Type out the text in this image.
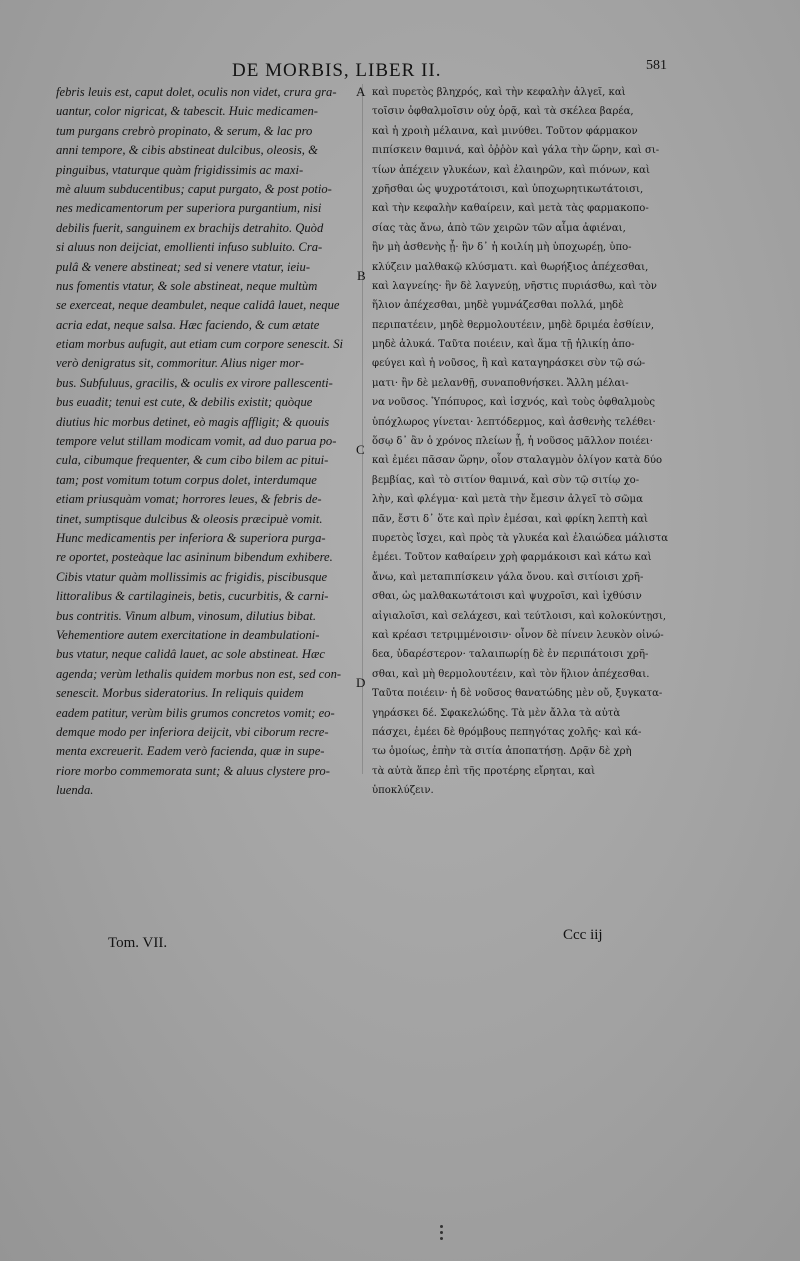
DE MORBIS, LIBER II.	581
febris leuis est, caput dolet, oculis non videt, crura gra-
uantur, color nigricat, & tabescit. Huic medicamen-
tum purgans crebrò propinato, & serum, & lac pro
anni tempore, & cibis abstineat dulcibus, oleosis, &
pinguibus, vtaturque quàm frigidissimis ac maxi-
mè aluum subducentibus; caput purgato, & post potio-
nes medicamentorum per superiora purgantium, nisi
debilis fuerit, sanguinem ex brachijs detrahito. Quòd
si aluus non deijciat, emollienti infuso subluito. Cra-
pulâ & venere abstineat; sed si venere vtatur, ieiu-
nus fomentis vtatur, & sole abstineat, neque multùm
se exerceat, neque deambulet, neque calidâ lauet, neque
acria edat, neque salsa. Hæc faciendo, & cum ætate
etiam morbus aufugit, aut etiam cum corpore senescit. Si
verò denigratus sit, commoritur. Alius niger mor-
bus. Subfuluus, gracilis, & oculis ex virore pallescenti-
bus euadit; tenui est cute, & debilis existit; quòque
diutius hic morbus detinet, eò magis affligit; & quouis
tempore velut stillam modicam vomit, ad duo parua po-
cula, cibumque frequenter, & cum cibo bilem ac pitui-
tam; post vomitum totum corpus dolet, interdumque
etiam priusquàm vomat; horrores leues, & febris de-
tinet, sumptisque dulcibus & oleosis præcipuè vomit.
Hunc medicamentis per inferiora & superiora purga-
re oportet, posteàque lac asininum bibendum exhibere.
Cibis vtatur quàm mollissimis ac frigidis, piscibusque
littoralibus & cartilagineis, betis, cucurbitis, & carni-
bus contritis. Vinum album, vinosum, dilutius bibat.
Vehementiore autem exercitatione in deambulationi-
bus vtatur, neque calidâ lauet, ac sole abstineat. Hæc
agenda; verùm lethalis quidem morbus non est, sed con-
senescit. Morbus sideratorius. In reliquis quidem
eadem patitur, verùm bilis grumos concretos vomit; eo-
demque modo per inferiora deijcit, vbi ciborum recre-
menta excreuerit. Eadem verò facienda, quæ in supe-
riore morbo commemorata sunt; & aluus clystere pro-
luenda.
καὶ πυρετὸς βληχρός, καὶ τὴν κεφαλὴν ἀλγεῖ, καὶ
τοῖσιν ὀφθαλμοῖσιν οὐχ ὁρᾷ, καὶ τὰ σκέλεα βαρέα,
καὶ ἡ χροιὴ μέλαινα, καὶ μινύθει. Τοῦτον φάρμακον
πιπίσκειν θαμινά, καὶ ὀῤῥὸν καὶ γάλα τὴν ὥρην, καὶ σι-
τίων ἀπέχειν γλυκέων, καὶ ἐλαιηρῶν, καὶ πιόνων, καὶ
χρῆσθαι ὡς ψυχροτάτοισι, καὶ ὑποχωρητικωτάτοισι,
καὶ τὴν κεφαλὴν καθαίρειν, καὶ μετὰ τὰς φαρμακοπο-
σίας τὰς ἄνω, ἀπὸ τῶν χειρῶν τῶν αἷμα ἀφιέναι,
ἢν μὴ ἀσθενὴς ᾖ· ἢν δ᾽ ἡ κοιλίη μὴ ὑποχωρέῃ, ὑπο-
κλύζειν μαλθακῷ κλύσματι. καὶ θωρήξιος ἀπέχεσθαι,
καὶ λαγνείης· ἢν δὲ λαγνεύῃ, νῆστις πυριάσθω, καὶ τὸν
ἥλιον ἀπέχεσθαι, μηδὲ γυμνάζεσθαι πολλά, μηδὲ
περιπατέειν, μηδὲ θερμολουτέειν, μηδὲ δριμέα ἐσθίειν,
μηδὲ ἁλυκά. Ταῦτα ποιέειν, καὶ ἅμα τῇ ἡλικίῃ ἀπο-
φεύγει καὶ ἡ νοῦσος, ἢ καὶ καταγηράσκει σὺν τῷ σώ-
ματι· ἢν δὲ μελανθῇ, συναποθνήσκει. Ἄλλη μέλαι-
να νοῦσος. Ὑπόπυρος, καὶ ἰσχνός, καὶ τοὺς ὀφθαλμοὺς
ὑπόχλωρος γίνεται· λεπτόδερμος, καὶ ἀσθενὴς τελέθει·
ὅσῳ δ᾽ ἂν ὁ χρόνος πλείων ᾖ, ἡ νοῦσος μᾶλλον ποιέει·
καὶ ἐμέει πᾶσαν ὥρην, οἷον σταλαγμὸν ὀλίγον κατὰ δύο
βεμβίας, καὶ τὸ σιτίον θαμινά, καὶ σὺν τῷ σιτίῳ χο-
λὴν, καὶ φλέγμα· καὶ μετὰ τὴν ἔμεσιν ἀλγεῖ τὸ σῶμα
πᾶν, ἔστι δ᾽ ὅτε καὶ πρὶν ἐμέσαι, καὶ φρίκη λεπτὴ καὶ
πυρετὸς ἴσχει, καὶ πρὸς τὰ γλυκέα καὶ ἐλαιώδεα μάλιστα
ἐμέει. Τοῦτον καθαίρειν χρὴ φαρμάκοισι καὶ κάτω καὶ
ἄνω, καὶ μεταπιπίσκειν γάλα ὄνου. καὶ σιτίοισι χρῆ-
σθαι, ὡς μαλθακωτάτοισι καὶ ψυχροῖσι, καὶ ἰχθύσιν
αἰγιαλοῖσι, καὶ σελάχεσι, καὶ τεύτλοισι, καὶ κολοκύντῃσι,
καὶ κρέασι τετριμμένοισιν· οἶνον δὲ πίνειν λευκὸν οἰνώ-
δεα, ὑδαρέστερον· ταλαιπωρίῃ δὲ ἐν περιπάτοισι χρῆ-
σθαι, καὶ μὴ θερμολουτέειν, καὶ τὸν ἥλιον ἀπέχεσθαι.
Ταῦτα ποιέειν· ἡ δὲ νοῦσος θανατώδης μὲν οὔ, ξυγκατα-
γηράσκει δέ. Σφακελώδης. Τὰ μὲν ἄλλα τὰ αὐτὰ
πάσχει, ἐμέει δὲ θρόμβους πεπηγότας χολῆς· καὶ κά-
τω ὁμοίως, ἐπὴν τὰ σιτία ἀποπατήσῃ. Δρᾷν δὲ χρὴ
τὰ αὐτὰ ἅπερ ἐπὶ τῆς προτέρης εἴρηται, καὶ
ὑποκλύζειν.
A
B
C
D
Tom. VII.	Ccc iij
